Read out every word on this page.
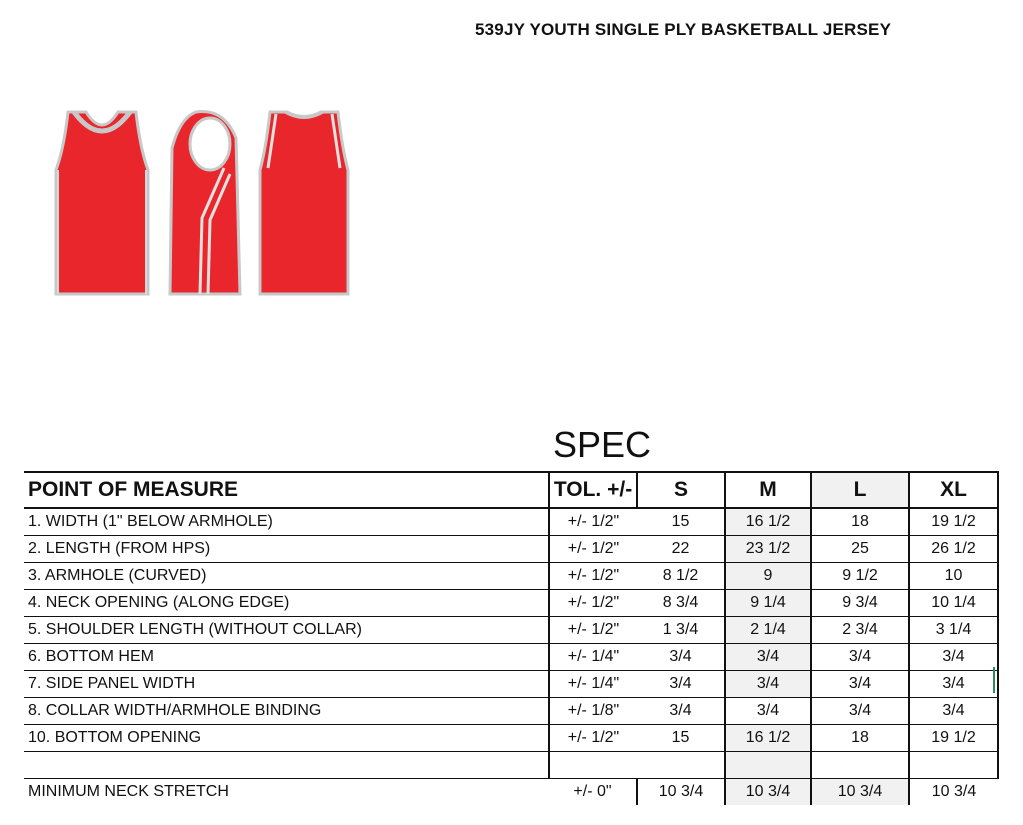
539JY YOUTH SINGLE PLY BASKETBALL JERSEY
SPEC
POINT OF MEASURE	TOL. +/-	S	M	L	XL
1. WIDTH (1" BELOW ARMHOLE)	+/- 1/2"	15	16 1/2	18	19 1/2
2. LENGTH (FROM HPS)	+/- 1/2"	22	23 1/2	25	26 1/2
3. ARMHOLE (CURVED)	+/- 1/2"	8 1/2	9	9 1/2	10
4. NECK OPENING (ALONG EDGE)	+/- 1/2"	8 3/4	9 1/4	9 3/4	10 1/4
5. SHOULDER LENGTH (WITHOUT COLLAR)	+/- 1/2"	1 3/4	2 1/4	2 3/4	3 1/4
6. BOTTOM HEM	+/- 1/4"	3/4	3/4	3/4	3/4
7. SIDE PANEL WIDTH	+/- 1/4"	3/4	3/4	3/4	3/4
8. COLLAR WIDTH/ARMHOLE BINDING	+/- 1/8"	3/4	3/4	3/4	3/4
10. BOTTOM OPENING	+/- 1/2"	15	16 1/2	18	19 1/2

MINIMUM NECK STRETCH	+/- 0"	10 3/4	10 3/4	10 3/4	10 3/4
